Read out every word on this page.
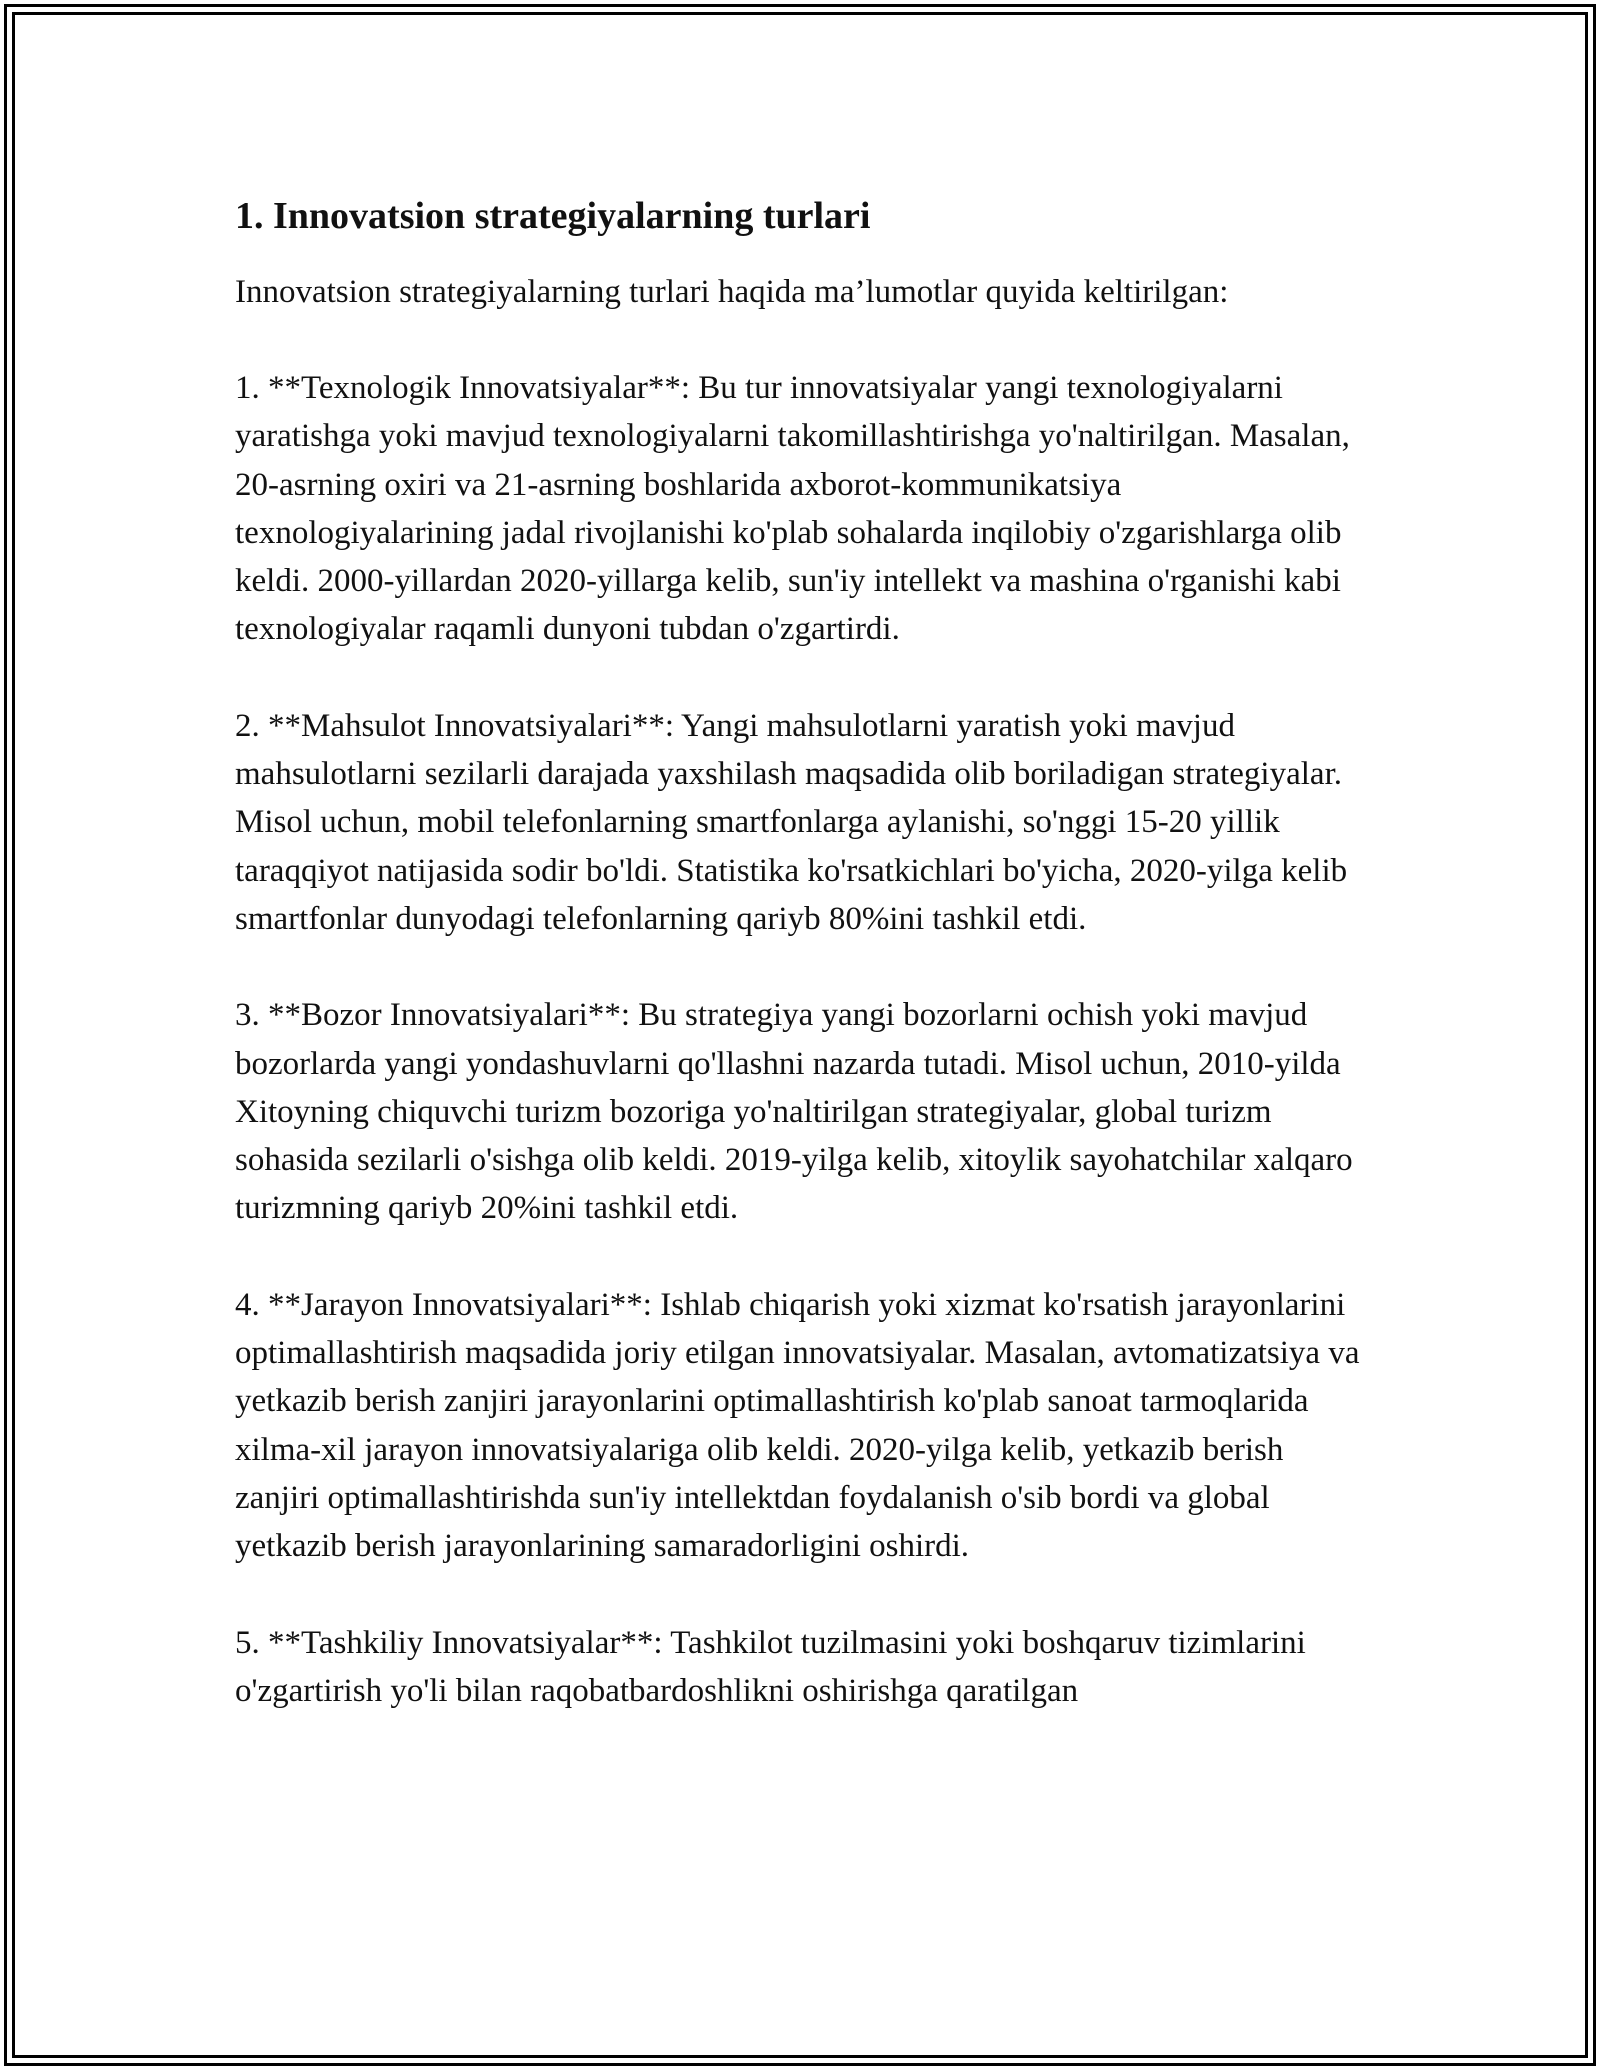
1. Innovatsion strategiyalarning turlari

Innovatsion strategiyalarning turlari haqida ma’lumotlar quyida keltirilgan:

1. **Texnologik Innovatsiyalar**: Bu tur innovatsiyalar yangi texnologiyalarni yaratishga yoki mavjud texnologiyalarni takomillashtirishga yo'naltirilgan. Masalan, 20-asrning oxiri va 21-asrning boshlarida axborot-kommunikatsiya texnologiyalarining jadal rivojlanishi ko'plab sohalarda inqilobiy o'zgarishlarga olib keldi. 2000-yillardan 2020-yillarga kelib, sun'iy intellekt va mashina o'rganishi kabi texnologiyalar raqamli dunyoni tubdan o'zgartirdi.

2. **Mahsulot Innovatsiyalari**: Yangi mahsulotlarni yaratish yoki mavjud mahsulotlarni sezilarli darajada yaxshilash maqsadida olib boriladigan strategiyalar. Misol uchun, mobil telefonlarning smartfonlarga aylanishi, so'nggi 15-20 yillik taraqqiyot natijasida sodir bo'ldi. Statistika ko'rsatkichlari bo'yicha, 2020-yilga kelib smartfonlar dunyodagi telefonlarning qariyb 80%ini tashkil etdi.

3. **Bozor Innovatsiyalari**: Bu strategiya yangi bozorlarni ochish yoki mavjud bozorlarda yangi yondashuvlarni qo'llashni nazarda tutadi. Misol uchun, 2010-yilda Xitoyning chiquvchi turizm bozoriga yo'naltirilgan strategiyalar, global turizm sohasida sezilarli o'sishga olib keldi. 2019-yilga kelib, xitoylik sayohatchilar xalqaro turizmning qariyb 20%ini tashkil etdi.

4. **Jarayon Innovatsiyalari**: Ishlab chiqarish yoki xizmat ko'rsatish jarayonlarini optimallashtirish maqsadida joriy etilgan innovatsiyalar. Masalan, avtomatizatsiya va yetkazib berish zanjiri jarayonlarini optimallashtirish ko'plab sanoat tarmoqlarida xilma-xil jarayon innovatsiyalariga olib keldi. 2020-yilga kelib, yetkazib berish zanjiri optimallashtirishda sun'iy intellektdan foydalanish o'sib bordi va global yetkazib berish jarayonlarining samaradorligini oshirdi.

5. **Tashkiliy Innovatsiyalar**: Tashkilot tuzilmasini yoki boshqaruv tizimlarini o'zgartirish yo'li bilan raqobatbardoshlikni oshirishga qaratilgan
